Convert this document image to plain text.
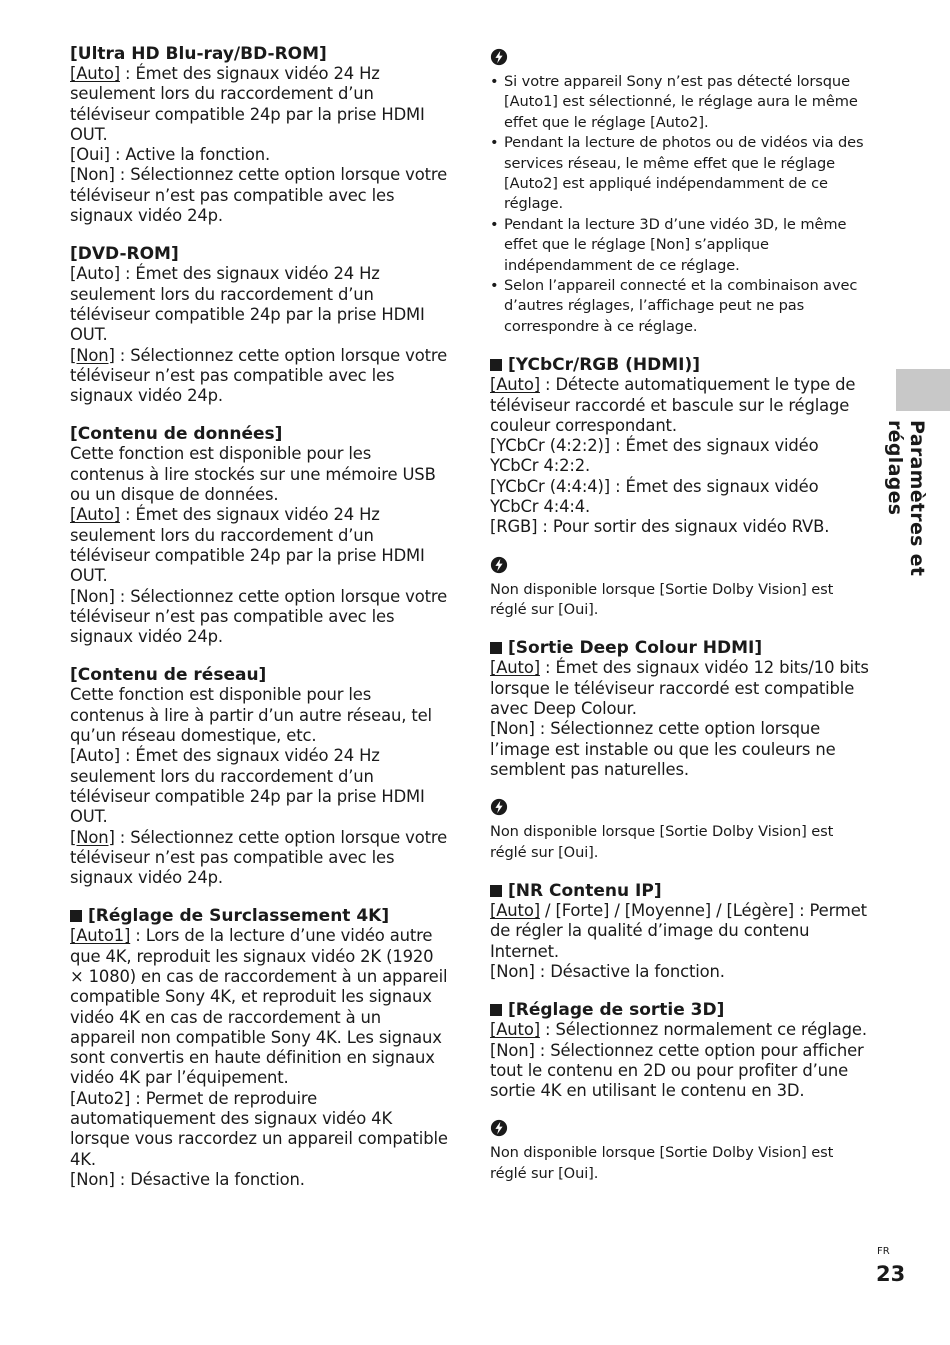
[Ultra HD Blu-ray/BD-ROM]

[Auto] : Émet des signaux vidéo 24 Hz seulement lors du raccordement d’un téléviseur compatible 24p par la prise HDMI OUT.

[Oui] : Active la fonction.

[Non] : Sélectionnez cette option lorsque votre téléviseur n’est pas compatible avec les signaux vidéo 24p.

[DVD-ROM]

[Auto] : Émet des signaux vidéo 24 Hz seulement lors du raccordement d’un téléviseur compatible 24p par la prise HDMI OUT.

[Non] : Sélectionnez cette option lorsque votre téléviseur n’est pas compatible avec les signaux vidéo 24p.

[Contenu de données]

Cette fonction est disponible pour les contenus à lire stockés sur une mémoire USB ou un disque de données.

[Auto] : Émet des signaux vidéo 24 Hz seulement lors du raccordement d’un téléviseur compatible 24p par la prise HDMI OUT.

[Non] : Sélectionnez cette option lorsque votre téléviseur n’est pas compatible avec les signaux vidéo 24p.

[Contenu de réseau]

Cette fonction est disponible pour les contenus à lire à partir d’un autre réseau, tel qu’un réseau domestique, etc.

[Auto] : Émet des signaux vidéo 24 Hz seulement lors du raccordement d’un téléviseur compatible 24p par la prise HDMI OUT.

[Non] : Sélectionnez cette option lorsque votre téléviseur n’est pas compatible avec les signaux vidéo 24p.

[Réglage de Surclassement 4K]

[Auto1] : Lors de la lecture d’une vidéo autre que 4K, reproduit les signaux vidéo 2K (1920 × 1080) en cas de raccordement à un appareil compatible Sony 4K, et reproduit les signaux vidéo 4K en cas de raccordement à un appareil non compatible Sony 4K. Les signaux sont convertis en haute définition en signaux vidéo 4K par l’équipement.

[Auto2] : Permet de reproduire automatiquement des signaux vidéo 4K lorsque vous raccordez un appareil compatible 4K.

[Non] : Désactive la fonction.

• Si votre appareil Sony n’est pas détecté lorsque [Auto1] est sélectionné, le réglage aura le même effet que le réglage [Auto2].
• Pendant la lecture de photos ou de vidéos via des services réseau, le même effet que le réglage [Auto2] est appliqué indépendamment de ce réglage.
• Pendant la lecture 3D d’une vidéo 3D, le même effet que le réglage [Non] s’applique indépendamment de ce réglage.
• Selon l’appareil connecté et la combinaison avec d’autres réglages, l’affichage peut ne pas correspondre à ce réglage.

[YCbCr/RGB (HDMI)]

[Auto] : Détecte automatiquement le type de téléviseur raccordé et bascule sur le réglage couleur correspondant.

[YCbCr (4:2:2)] : Émet des signaux vidéo YCbCr 4:2:2.

[YCbCr (4:4:4)] : Émet des signaux vidéo YCbCr 4:4:4.

[RGB] : Pour sortir des signaux vidéo RVB.

Non disponible lorsque [Sortie Dolby Vision] est réglé sur [Oui].

[Sortie Deep Colour HDMI]

[Auto] : Émet des signaux vidéo 12 bits/10 bits lorsque le téléviseur raccordé est compatible avec Deep Colour.

[Non] : Sélectionnez cette option lorsque l’image est instable ou que les couleurs ne semblent pas naturelles.

Non disponible lorsque [Sortie Dolby Vision] est réglé sur [Oui].

[NR Contenu IP]

[Auto] / [Forte] / [Moyenne] / [Légère] : Permet de régler la qualité d’image du contenu Internet.

[Non] : Désactive la fonction.

[Réglage de sortie 3D]

[Auto] : Sélectionnez normalement ce réglage.

[Non] : Sélectionnez cette option pour afficher tout le contenu en 2D ou pour profiter d’une sortie 4K en utilisant le contenu en 3D.

Non disponible lorsque [Sortie Dolby Vision] est réglé sur [Oui].

Paramètres et réglages
FR
23
